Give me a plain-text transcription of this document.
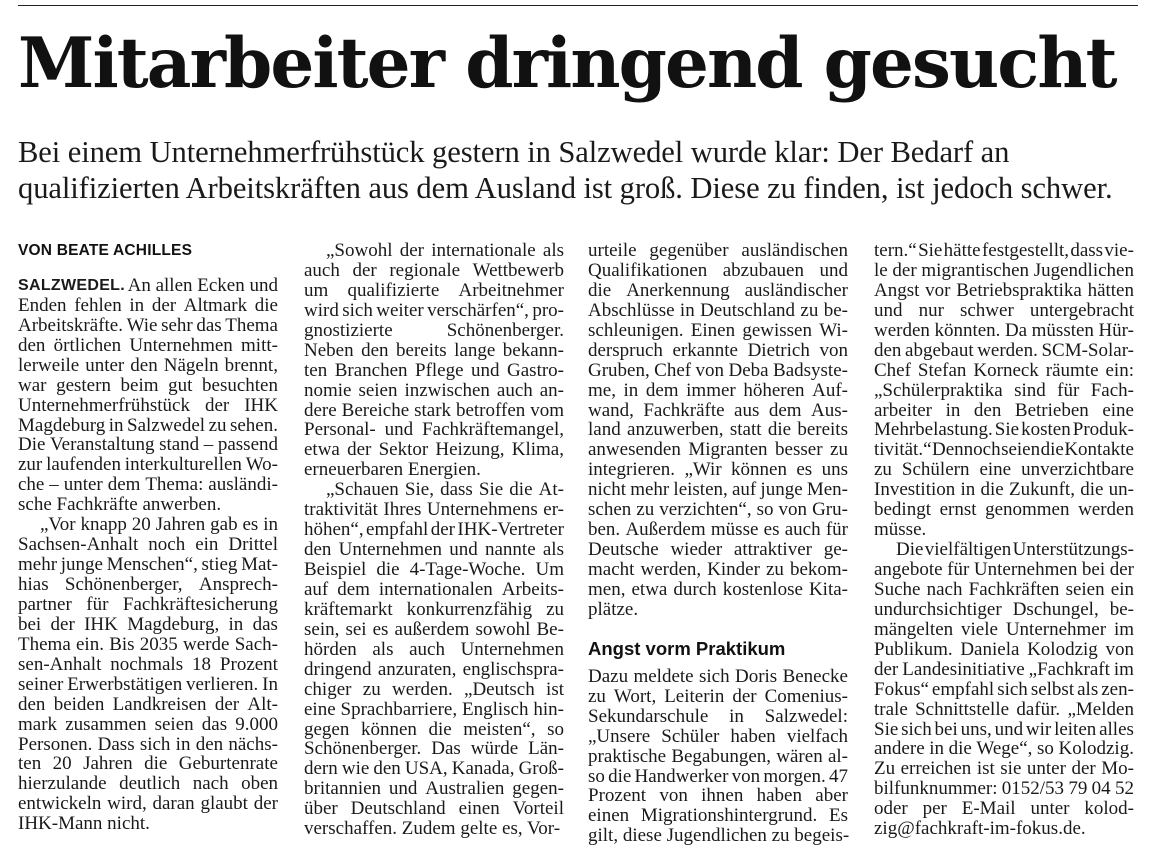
Mitarbeiter dringend gesucht
Bei einem Unternehmerfrühstück gestern in Salzwedel wurde klar: Der Bedarf an
qualifizierten Arbeitskräften aus dem Ausland ist groß. Diese zu finden, ist jedoch schwer.
VON BEATE ACHILLES
SALZWEDEL. An allen Ecken und
Enden fehlen in der Altmark die
Arbeitskräfte. Wie sehr das Thema
den örtlichen Unternehmen mitt-
lerweile unter den Nägeln brennt,
war gestern beim gut besuchten
Unternehmerfrühstück der IHK
Magdeburg in Salzwedel zu sehen.
Die Veranstaltung stand – passend
zur laufenden interkulturellen Wo-
che – unter dem Thema: ausländi-
sche Fachkräfte anwerben.
„Vor knapp 20 Jahren gab es in
Sachsen-Anhalt noch ein Drittel
mehr junge Menschen“, stieg Mat-
hias Schönenberger, Ansprech-
partner für Fachkräftesicherung
bei der IHK Magdeburg, in das
Thema ein. Bis 2035 werde Sach-
sen-Anhalt nochmals 18 Prozent
seiner Erwerbstätigen verlieren. In
den beiden Landkreisen der Alt-
mark zusammen seien das 9.000
Personen. Dass sich in den nächs-
ten 20 Jahren die Geburtenrate
hierzulande deutlich nach oben
entwickeln wird, daran glaubt der
IHK-Mann nicht.
„Sowohl der internationale als
auch der regionale Wettbewerb
um qualifizierte Arbeitnehmer
wird sich weiter verschärfen“, pro-
gnostizierte	Schönenberger.
Neben den bereits lange bekann-
ten Branchen Pflege und Gastro-
nomie seien inzwischen auch an-
dere Bereiche stark betroffen vom
Personal- und Fachkräftemangel,
etwa der Sektor Heizung, Klima,
erneuerbaren Energien.
„Schauen Sie, dass Sie die At-
traktivität Ihres Unternehmens er-
höhen“, empfahl der IHK-Vertreter
den Unternehmen und nannte als
Beispiel die 4-Tage-Woche. Um
auf dem internationalen Arbeits-
kräftemarkt konkurrenzfähig zu
sein, sei es außerdem sowohl Be-
hörden als auch Unternehmen
dringend anzuraten, englischspra-
chiger zu werden. „Deutsch ist
eine Sprachbarriere, Englisch hin-
gegen können die meisten“, so
Schönenberger. Das würde Län-
dern wie den USA, Kanada, Groß-
britannien und Australien gegen-
über Deutschland einen Vorteil
verschaffen. Zudem gelte es, Vor-
urteile gegenüber ausländischen
Qualifikationen abzubauen und
die Anerkennung ausländischer
Abschlüsse in Deutschland zu be-
schleunigen. Einen gewissen Wi-
derspruch erkannte Dietrich von
Gruben, Chef von Deba Badsyste-
me, in dem immer höheren Auf-
wand, Fachkräfte aus dem Aus-
land anzuwerben, statt die bereits
anwesenden Migranten besser zu
integrieren. „Wir können es uns
nicht mehr leisten, auf junge Men-
schen zu verzichten“, so von Gru-
ben. Außerdem müsse es auch für
Deutsche wieder attraktiver ge-
macht werden, Kinder zu bekom-
men, etwa durch kostenlose Kita-
plätze.
Angst vorm Praktikum
Dazu meldete sich Doris Benecke
zu Wort, Leiterin der Comenius-
Sekundarschule in Salzwedel:
„Unsere Schüler haben vielfach
praktische Begabungen, wären al-
so die Handwerker von morgen. 47
Prozent von ihnen haben aber
einen Migrationshintergrund. Es
gilt, diese Jugendlichen zu begeis-
tern.“ Sie hätte festgestellt, dass vie-
le der migrantischen Jugendlichen
Angst vor Betriebspraktika hätten
und nur schwer untergebracht
werden könnten. Da müssten Hür-
den abgebaut werden. SCM-Solar-
Chef Stefan Korneck räumte ein:
„Schülerpraktika sind für Fach-
arbeiter in den Betrieben eine
Mehrbelastung. Sie kosten Produk-
tivität.“ Dennoch seien die Kontakte
zu Schülern eine unverzichtbare
Investition in die Zukunft, die un-
bedingt ernst genommen werden
müsse.
Die vielfältigen Unterstützungs-
angebote für Unternehmen bei der
Suche nach Fachkräften seien ein
undurchsichtiger Dschungel, be-
mängelten viele Unternehmer im
Publikum. Daniela Kolodzig von
der Landesinitiative „Fachkraft im
Fokus“ empfahl sich selbst als zen-
trale Schnittstelle dafür. „Melden
Sie sich bei uns, und wir leiten alles
andere in die Wege“, so Kolodzig.
Zu erreichen ist sie unter der Mo-
bilfunknummer: 0152/53 79 04 52
oder per E-Mail unter kolod-
zig@fachkraft-im-fokus.de.
